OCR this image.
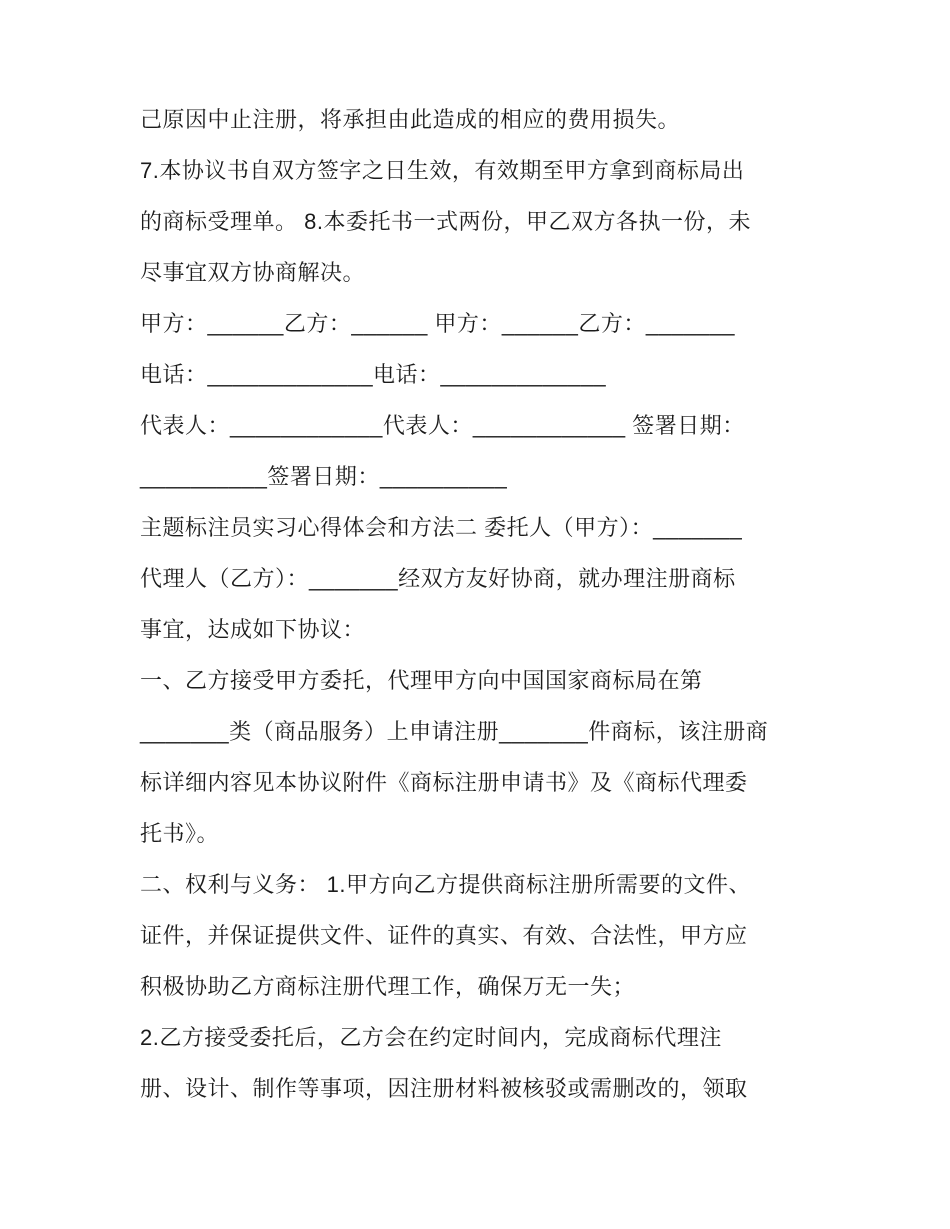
己原因中止注册，将承担由此造成的相应的费用损失。

7.本协议书自双方签字之日生效，有效期至甲方拿到商标局出

的商标受理单。 8.本委托书一式两份，甲乙双方各执一份，未

尽事宜双方协商解决。

甲方：______乙方：______ 甲方：______乙方：_______

电话：_____________电话：_____________

代表人：____________代表人：____________ 签署日期：

__________签署日期：__________

主题标注员实习心得体会和方法二 委托人（甲方）：_______

代理人（乙方）：_______经双方友好协商，就办理注册商标

事宜，达成如下协议：

一、乙方接受甲方委托，代理甲方向中国国家商标局在第

_______类（商品服务）上申请注册_______件商标，该注册商

标详细内容见本协议附件《商标注册申请书》及《商标代理委

托书》。

二、权利与义务： 1.甲方向乙方提供商标注册所需要的文件、

证件，并保证提供文件、证件的真实、有效、合法性，甲方应

积极协助乙方商标注册代理工作，确保万无一失；

2.乙方接受委托后，乙方会在约定时间内，完成商标代理注

册、设计、制作等事项，因注册材料被核驳或需删改的，领取
